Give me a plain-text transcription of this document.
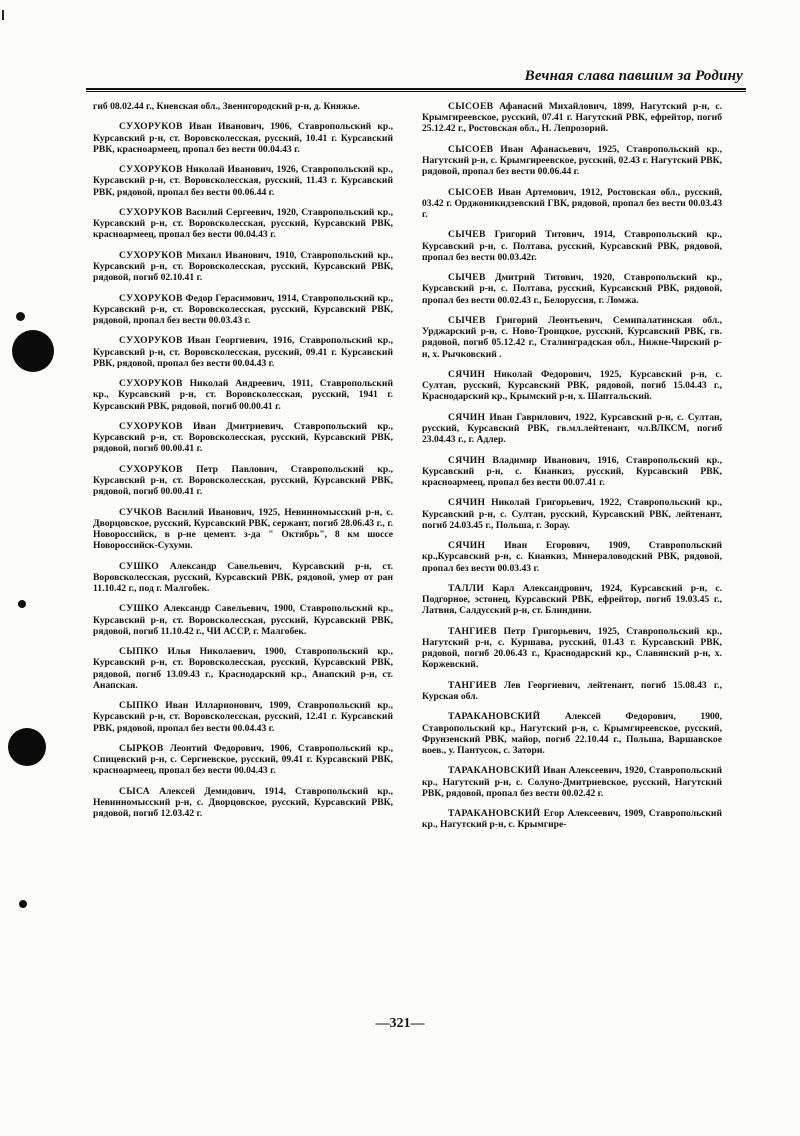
Вечная слава павшим за Родину

гиб 08.02.44 г., Киевская обл., Звенигородский р-н, д. Княжье.

СУХОРУКОВ Иван Иванович, 1906, Ставропольский кр., Курсавский р-н, ст. Воровсколесская, русский, 10.41 г. Курсавский РВК, красноармеец, пропал без вести 00.04.43 г.

СУХОРУКОВ Николай Иванович, 1926, Ставропольский кр., Курсавский р-н, ст. Воровсколесская, русский, 11.43 г. Курсавский РВК, рядовой, пропал без вести 00.06.44 г.

СУХОРУКОВ Василий Сергеевич, 1920, Ставропольский кр., Курсавский р-н, ст. Воровсколесская, русский, Курсавский РВК, красноармеец, пропал без вести 00.04.43 г.

СУХОРУКОВ Михаил Иванович, 1910, Ставропольский кр., Курсавский р-н, ст. Воровсколесская, русский, Курсавский РВК, рядовой, погиб 02.10.41 г.

СУХОРУКОВ Федор Герасимович, 1914, Ставропольский кр., Курсавский р-н, ст. Воровсколесская, русский, Курсавский РВК, рядовой, пропал без вести 00.03.43 г.

СУХОРУКОВ Иван Георгиевич, 1916, Ставропольский кр., Курсавский р-н, ст. Воровсколесская, русский, 09.41 г. Курсавский РВК, рядовой, пропал без вести 00.04.43 г.

СУХОРУКОВ Николай Андреевич, 1911, Ставропольский кр., Курсавский р-н, ст. Воровсколесская, русский, 1941 г. Курсавский РВК, рядовой, погиб 00.00.41 г.

СУХОРУКОВ Иван Дмитриевич, Ставропольский кр., Курсавский р-н, ст. Воровсколесская, русский, Курсавский РВК, рядовой, погиб 00.00.41 г.

СУХОРУКОВ Петр Павлович, Ставропольский кр., Курсавский р-н, ст. Воровсколесская, русский, Курсавский РВК, рядовой, погиб 00.00.41 г.

СУЧКОВ Василий Иванович, 1925, Невинномысский р-н, с. Дворцовское, русский, Курсавский РВК, сержант, погиб 28.06.43 г., г. Новороссийск, в р-не цемент. з-да " Октябрь", 8 км шоссе Новороссийск-Сухуми.

СУШКО Александр Савельевич, Курсавский р-н, ст. Воровсколесская, русский, Курсавский РВК, рядовой, умер от ран 11.10.42 г., под г. Малгобек.

СУШКО Александр Савельевич, 1900, Ставропольский кр., Курсавский р-н, ст. Воровсколесская, русский, Курсавский РВК, рядовой, погиб 11.10.42 г., ЧИ АССР, г. Малгобек.

СЫПКО Илья Николаевич, 1900, Ставропольский кр., Курсавский р-н, ст. Воровсколесская, русский, Курсавский РВК, рядовой, погиб 13.09.43 г., Краснодарский кр., Анапский р-н, ст. Анапская.

СЫПКО Иван Илларионович, 1909, Ставропольский кр., Курсавский р-н, ст. Воровсколесская, русский, 12.41 г. Курсавский РВК, рядовой, пропал без вести 00.04.43 г.

СЫРКОВ Леонтий Федорович, 1906, Ставропольский кр., Спицевский р-н, с. Сергиевское, русский, 09.41 г. Курсавский РВК, красноармеец, пропал без вести 00.04.43 г.

СЫСА Алексей Демидович, 1914, Ставропольский кр., Невинномысский р-н, с. Дворцовское, русский, Курсавский РВК, рядовой, погиб 12.03.42 г.

СЫСОЕВ Афанасий Михайлович, 1899, Нагутский р-н, с. Крымгиреевское, русский, 07.41 г. Нагутский РВК, ефрейтор, погиб 25.12.42 г., Ростовская обл., Н. Лепрозорий.

СЫСОЕВ Иван Афанасьевич, 1925, Ставропольский кр., Нагутский р-н, с. Крымгиреевское, русский, 02.43 г. Нагутский РВК, рядовой, пропал без вести 00.06.44 г.

СЫСОЕВ Иван Артемович, 1912, Ростовская обл., русский, 03.42 г. Орджоникидзевский ГВК, рядовой, пропал без вести 00.03.43 г.

СЫЧЕВ Григорий Титович, 1914, Ставропольский кр., Курсавский р-н, с. Полтава, русский, Курсавский РВК, рядовой, пропал без вести 00.03.42г.

СЫЧЕВ Дмитрий Титович, 1920, Ставропольский кр., Курсавский р-н, с. Полтава, русский, Курсавский РВК, рядовой, пропал без вести 00.02.43 г., Белоруссия, г. Ломжа.

СЫЧЕВ Григорий Леонтьевич, Семипалатинская обл., Урджарский р-н, с. Ново-Троицкое, русский, Курсавский РВК, гв. рядовой, погиб 05.12.42 г., Сталинградская обл., Нижне-Чирский р-н, х. Рычковский .

СЯЧИН Николай Федорович, 1925, Курсавский р-н, с. Султан, русский, Курсавский РВК, рядовой, погиб 15.04.43 г., Краснодарский кр., Крымский р-н, х. Шаптальский.

СЯЧИН Иван Гаврилович, 1922, Курсавский р-н, с. Султан, русский, Курсавский РВК, гв.мл.лейтенант, чл.ВЛКСМ, погиб 23.04.43 г., г. Адлер.

СЯЧИН Владимир Иванович, 1916, Ставропольский кр., Курсавский р-н, с. Кианкиз, русский, Курсавский РВК, красноармеец, пропал без вести 00.07.41 г.

СЯЧИН Николай Григорьевич, 1922, Ставропольский кр., Курсавский р-н, с. Султан, русский, Курсавский РВК, лейтенант, погиб 24.03.45 г., Польша, г. Зорау.

СЯЧИН Иван Егорович, 1909, Ставропольский кр.,Курсавский р-н, с. Кианкиз, Минераловодский РВК, рядовой, пропал без вести 00.03.43 г.

ТАЛЛИ Карл Александрович, 1924, Курсавский р-н, с. Подгорное, эстонец, Курсавский РВК, ефрейтор, погиб 19.03.45 г., Латвия, Салдусский р-н, ст. Блиндини.

ТАНГИЕВ Петр Григорьевич, 1925, Ставропольский кр., Нагутский р-н, с. Куршава, русский, 01.43 г. Курсавский РВК, рядовой, погиб 20.06.43 г., Краснодарский кр., Славянский р-н, х. Коржевский.

ТАНГИЕВ Лев Георгиевич, лейтенант, погиб 15.08.43 г., Курская обл.

ТАРАКАНОВСКИЙ	Алексей Федорович, 1900, Ставропольский кр., Нагутский р-н, с. Крымгиреевское, русский, Фрунзенский РВК, майор, погиб 22.10.44 г., Польша, Варшавское воев., у. Пантусок, с. Затори.

ТАРАКАНОВСКИЙ Иван Алексеевич, 1920, Ставропольский кр., Нагутский р-н, с. Солуно-Дмитриевское, русский, Нагутский РВК, рядовой, пропал без вести 00.02.42 г.

ТАРАКАНОВСКИЙ Егор Алексеевич, 1909, Ставропольский кр., Нагутский р-н, с. Крымгире-

—321—
